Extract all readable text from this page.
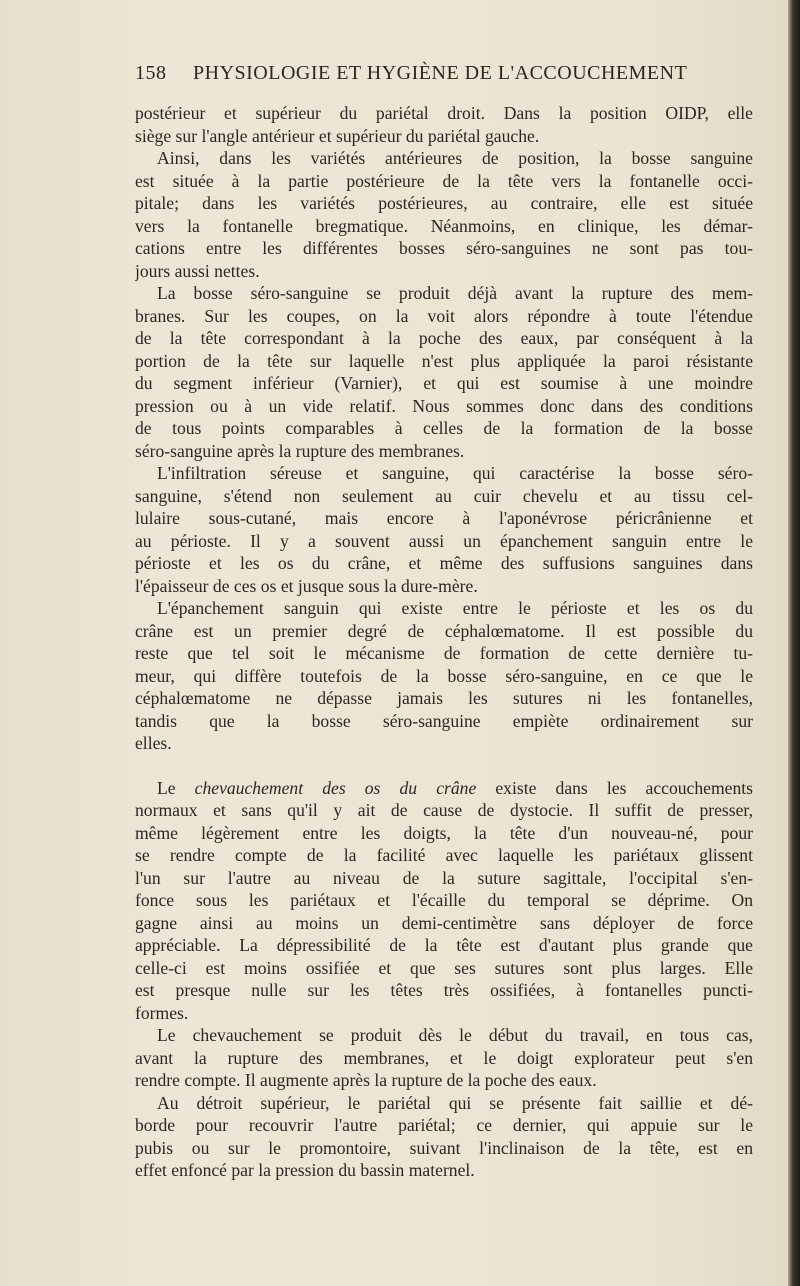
158 PHYSIOLOGIE ET HYGIÈNE DE L'ACCOUCHEMENT

postérieur et supérieur du pariétal droit. Dans la position OIDP, elle
siège sur l'angle antérieur et supérieur du pariétal gauche.

Ainsi, dans les variétés antérieures de position, la bosse sanguine
est située à la partie postérieure de la tête vers la fontanelle occi-
pitale; dans les variétés postérieures, au contraire, elle est située
vers la fontanelle bregmatique. Néanmoins, en clinique, les démar-
cations entre les différentes bosses séro-sanguines ne sont pas tou-
jours aussi nettes.

La bosse séro-sanguine se produit déjà avant la rupture des mem-
branes. Sur les coupes, on la voit alors répondre à toute l'étendue
de la tête correspondant à la poche des eaux, par conséquent à la
portion de la tête sur laquelle n'est plus appliquée la paroi résistante
du segment inférieur (Varnier), et qui est soumise à une moindre
pression ou à un vide relatif. Nous sommes donc dans des conditions
de tous points comparables à celles de la formation de la bosse
séro-sanguine après la rupture des membranes.

L'infiltration séreuse et sanguine, qui caractérise la bosse séro-
sanguine, s'étend non seulement au cuir chevelu et au tissu cel-
lulaire sous-cutané, mais encore à l'aponévrose péricrânienne et
au périoste. Il y a souvent aussi un épanchement sanguin entre le
périoste et les os du crâne, et même des suffusions sanguines dans
l'épaisseur de ces os et jusque sous la dure-mère.

L'épanchement sanguin qui existe entre le périoste et les os du
crâne est un premier degré de céphalœmatome. Il est possible du
reste que tel soit le mécanisme de formation de cette dernière tu-
meur, qui diffère toutefois de la bosse séro-sanguine, en ce que le
céphalœmatome ne dépasse jamais les sutures ni les fontanelles,
tandis que la bosse séro-sanguine empiète ordinairement sur
elles.

Le chevauchement des os du crâne existe dans les accouchements
normaux et sans qu'il y ait de cause de dystocie. Il suffit de presser,
même légèrement entre les doigts, la tête d'un nouveau-né, pour
se rendre compte de la facilité avec laquelle les pariétaux glissent
l'un sur l'autre au niveau de la suture sagittale, l'occipital s'en-
fonce sous les pariétaux et l'écaille du temporal se déprime. On
gagne ainsi au moins un demi-centimètre sans déployer de force
appréciable. La dépressibilité de la tête est d'autant plus grande que
celle-ci est moins ossifiée et que ses sutures sont plus larges. Elle
est presque nulle sur les têtes très ossifiées, à fontanelles puncti-
formes.

Le chevauchement se produit dès le début du travail, en tous cas,
avant la rupture des membranes, et le doigt explorateur peut s'en
rendre compte. Il augmente après la rupture de la poche des eaux.

Au détroit supérieur, le pariétal qui se présente fait saillie et dé-
borde pour recouvrir l'autre pariétal; ce dernier, qui appuie sur le
pubis ou sur le promontoire, suivant l'inclinaison de la tête, est en
effet enfoncé par la pression du bassin maternel.
